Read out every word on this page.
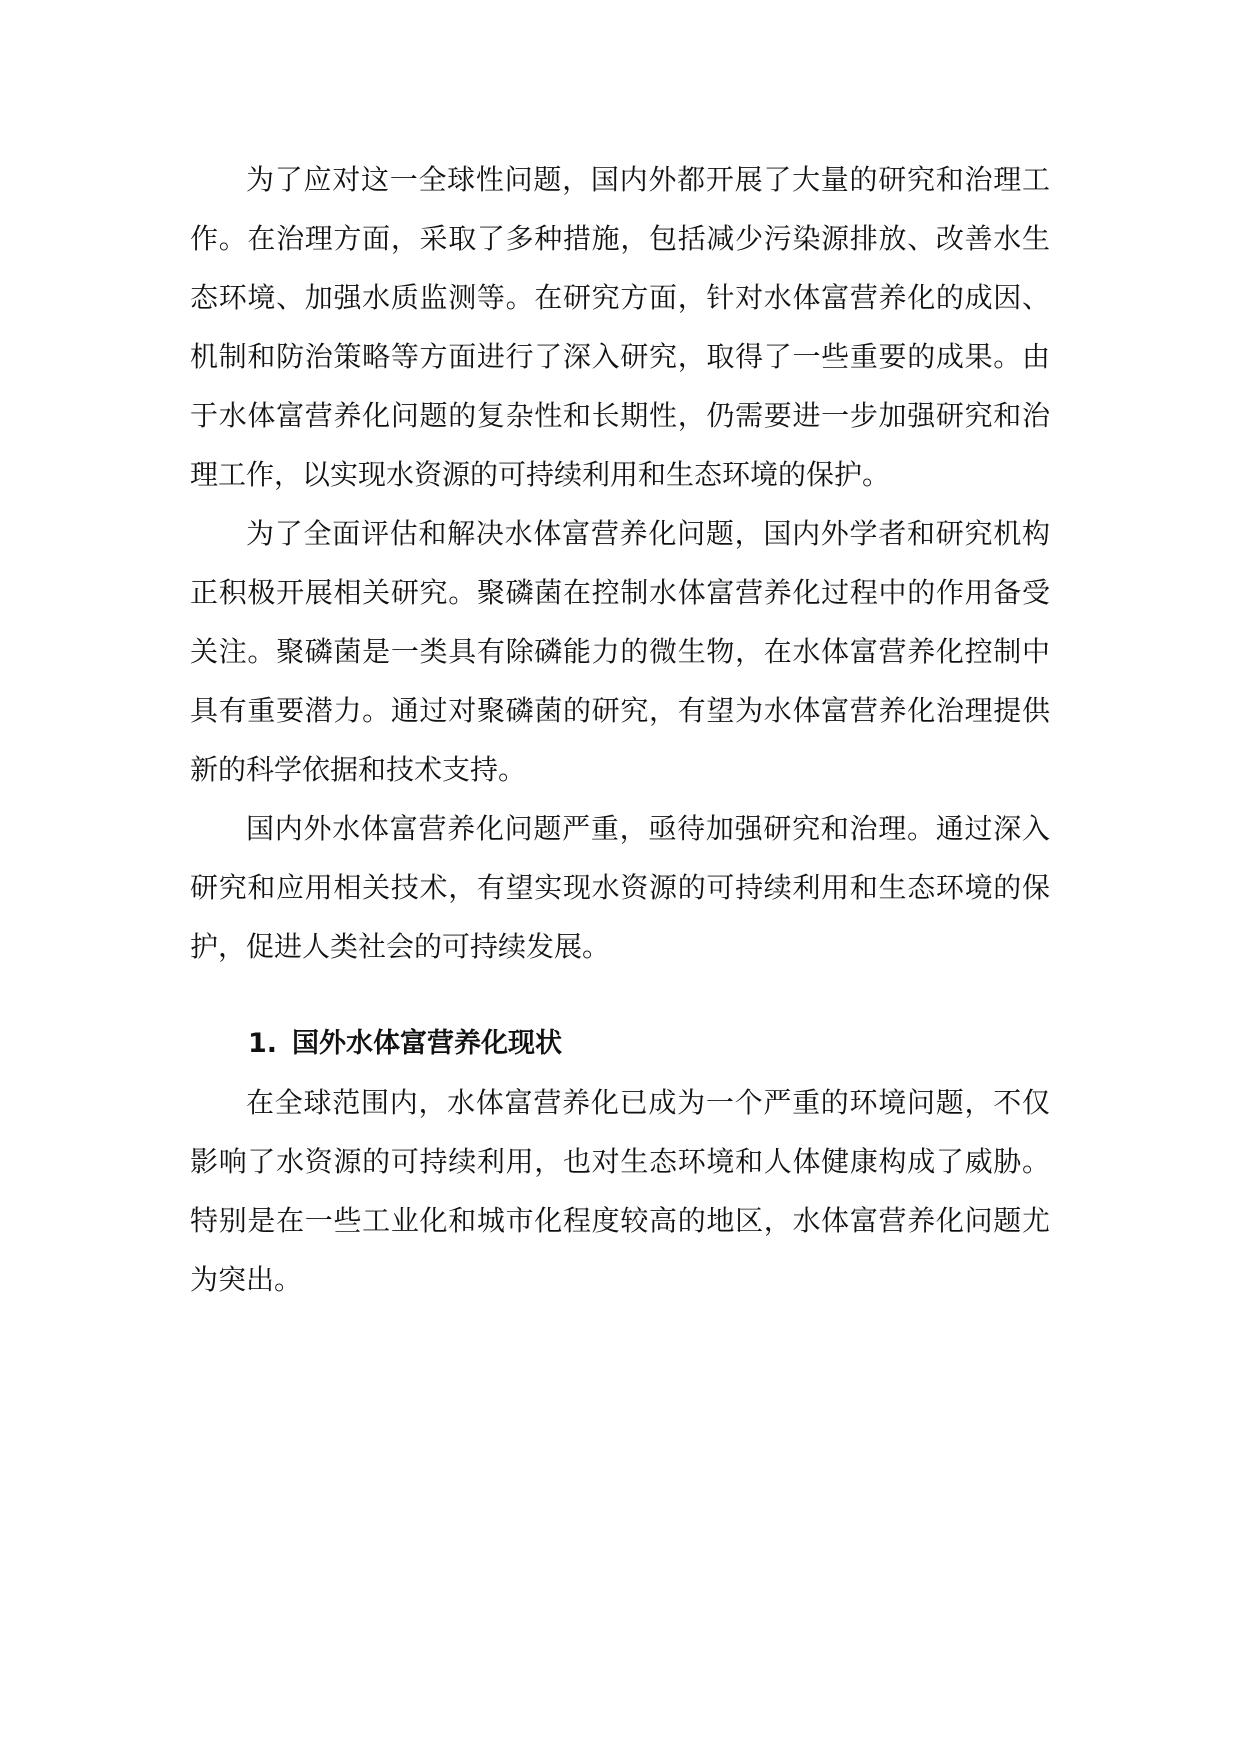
为了应对这一全球性问题，国内外都开展了大量的研究和治理工作。在治理方面，采取了多种措施，包括减少污染源排放、改善水生态环境、加强水质监测等。在研究方面，针对水体富营养化的成因、机制和防治策略等方面进行了深入研究，取得了一些重要的成果。由于水体富营养化问题的复杂性和长期性，仍需要进一步加强研究和治理工作，以实现水资源的可持续利用和生态环境的保护。

为了全面评估和解决水体富营养化问题，国内外学者和研究机构正积极开展相关研究。聚磷菌在控制水体富营养化过程中的作用备受关注。聚磷菌是一类具有除磷能力的微生物，在水体富营养化控制中具有重要潜力。通过对聚磷菌的研究，有望为水体富营养化治理提供新的科学依据和技术支持。

国内外水体富营养化问题严重，亟待加强研究和治理。通过深入研究和应用相关技术，有望实现水资源的可持续利用和生态环境的保护，促进人类社会的可持续发展。

1. 国外水体富营养化现状

在全球范围内，水体富营养化已成为一个严重的环境问题，不仅影响了水资源的可持续利用，也对生态环境和人体健康构成了威胁。特别是在一些工业化和城市化程度较高的地区，水体富营养化问题尤为突出。
